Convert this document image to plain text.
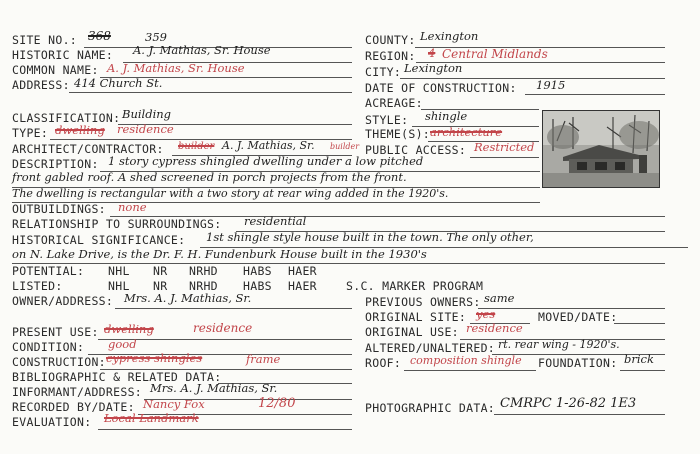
SITE NO.: 368	359	COUNTY: Lexington
HISTORIC NAME: A. J. Mathias, Sr. House	REGION: 4 Central Midlands
COMMON NAME: A. J. Mathias, Sr. House	CITY: Lexington
ADDRESS: 414 Church St.	DATE OF CONSTRUCTION: 1915
ACREAGE:
CLASSIFICATION: Building	STYLE: shingle
TYPE: dwelling residence	THEME(S): architecture
ARCHITECT/CONTRACTOR: builder A. J. Mathias, Sr. builder PUBLIC ACCESS: Restricted
DESCRIPTION: 1 story cypress shingled dwelling under a low pitched
front gabled roof. A shed screened in porch projects from the front.
The dwelling is rectangular with a two story at rear wing added in the 1920's.
OUTBUILDINGS: none
RELATIONSHIP TO SURROUNDINGS: residential
HISTORICAL SIGNIFICANCE: 1st shingle style house built in the town. The only other,
on N. Lake Drive, is the Dr. F. H. Fundenburk House built in the 1930's
POTENTIAL: NHL NR NRHD HABS HAER
LISTED:	NHL NR NRHD HABS HAER	S.C. MARKER PROGRAM
OWNER/ADDRESS: Mrs. A. J. Mathias, Sr.	PREVIOUS OWNERS: same
ORIGINAL SITE: yes	MOVED/DATE:
PRESENT USE: dwelling	residence	ORIGINAL USE: residence
CONDITION: good	ALTERED/UNALTERED: rt. rear wing - 1920's.
CONSTRUCTION: cypress shingles	frame	ROOF: composition shingle FOUNDATION: brick
BIBLIOGRAPHIC & RELATED DATA:
INFORMANT/ADDRESS: Mrs. A. J. Mathias, Sr.
RECORDED BY/DATE: Nancy Fox	12/80	PHOTOGRAPHIC DATA: CMRPC 1-26-82 1E3
EVALUATION: Local Landmark
